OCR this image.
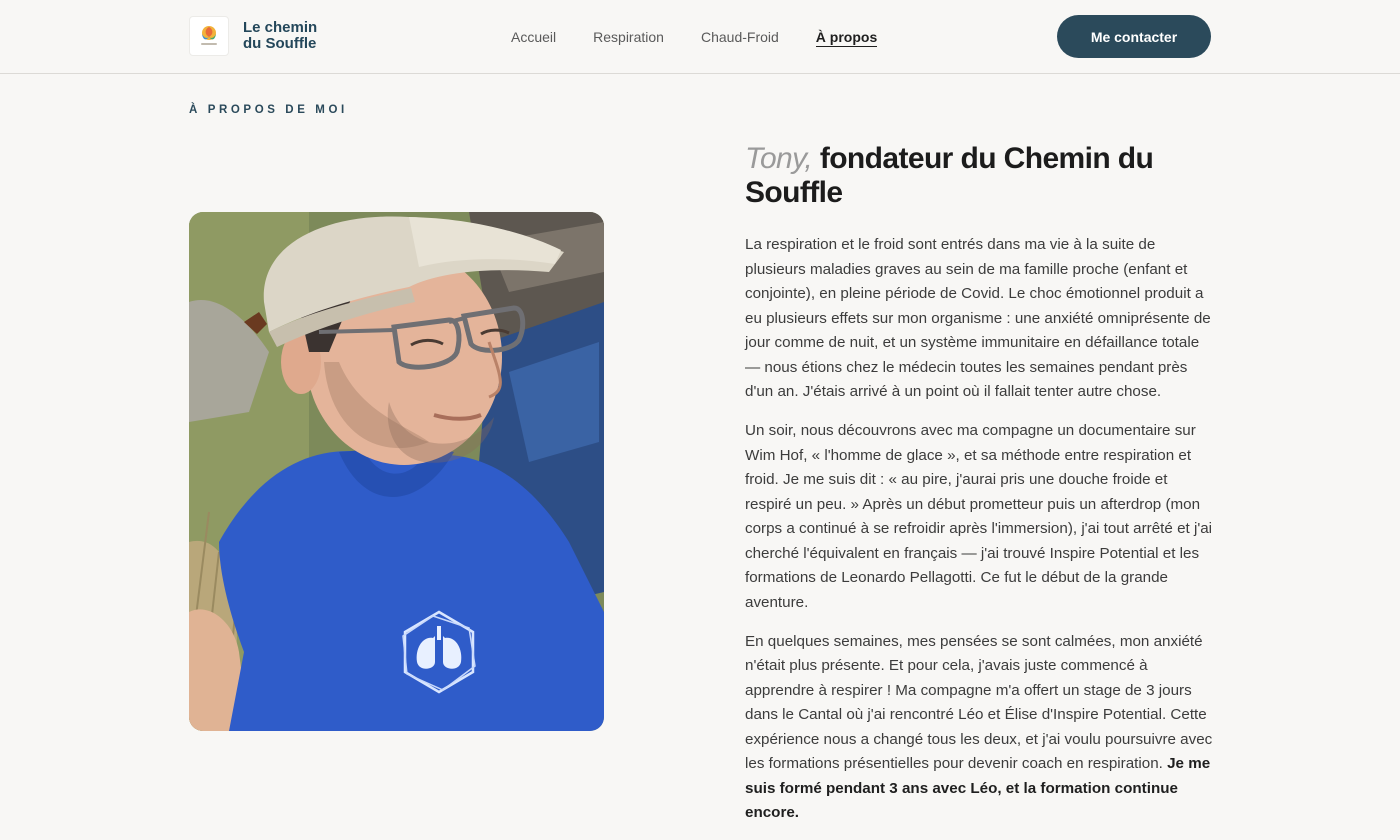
Le chemin
du Souffle	Accueil	Respiration	Chaud-Froid	À propos	Me contacter
À PROPOS DE MOI
Tony, fondateur du Chemin du Souffle

La respiration et le froid sont entrés dans ma vie à la suite de plusieurs maladies graves au sein de ma famille proche (enfant et conjointe), en pleine période de Covid. Le choc émotionnel produit a eu plusieurs effets sur mon organisme : une anxiété omniprésente de jour comme de nuit, et un système immunitaire en défaillance totale — nous étions chez le médecin toutes les semaines pendant près d'un an. J'étais arrivé à un point où il fallait tenter autre chose.

Un soir, nous découvrons avec ma compagne un documentaire sur Wim Hof, « l'homme de glace », et sa méthode entre respiration et froid. Je me suis dit : « au pire, j'aurai pris une douche froide et respiré un peu. » Après un début prometteur puis un afterdrop (mon corps a continué à se refroidir après l'immersion), j'ai tout arrêté et j'ai cherché l'équivalent en français — j'ai trouvé Inspire Potential et les formations de Leonardo Pellagotti. Ce fut le début de la grande aventure.

En quelques semaines, mes pensées se sont calmées, mon anxiété n'était plus présente. Et pour cela, j'avais juste commencé à apprendre à respirer ! Ma compagne m'a offert un stage de 3 jours dans le Cantal où j'ai rencontré Léo et Élise d'Inspire Potential. Cette expérience nous a changé tous les deux, et j'ai voulu poursuivre avec les formations présentielles pour devenir coach en respiration. Je me suis formé pendant 3 ans avec Léo, et la formation continue encore.
